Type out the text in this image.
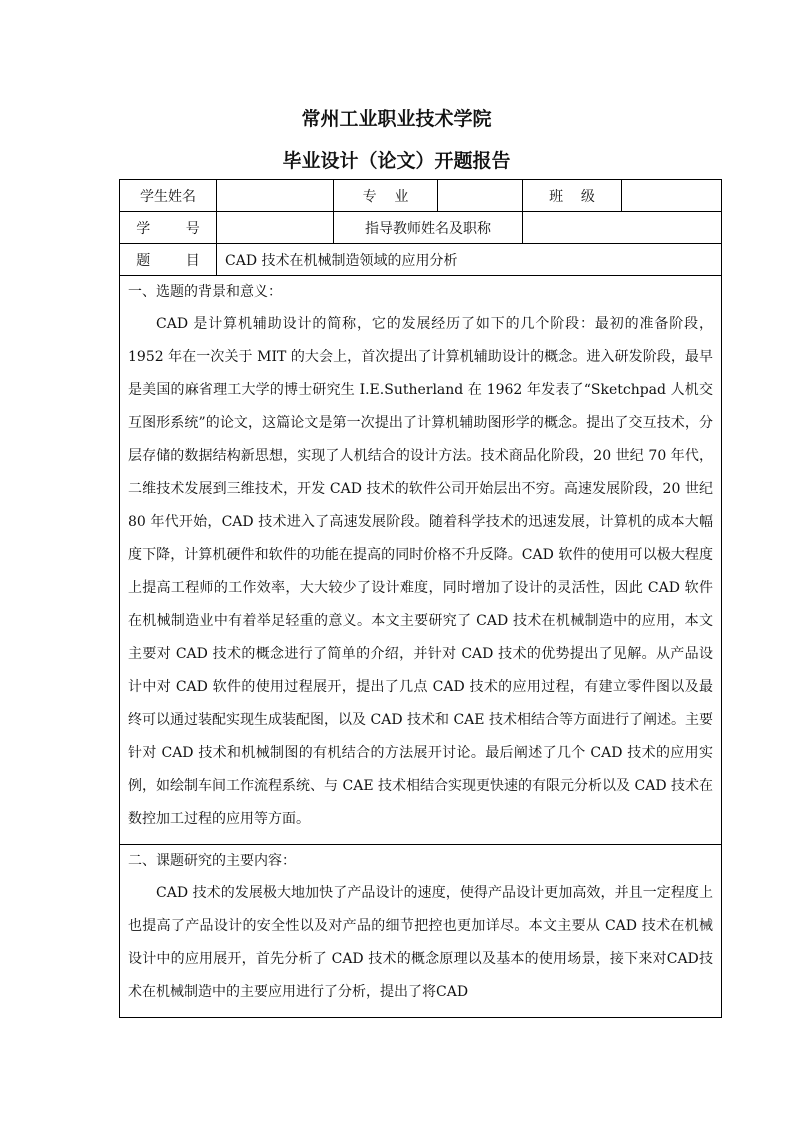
常州工业职业技术学院
毕业设计（论文）开题报告
学生姓名		专    业		班    级	
学        号		指导教师姓名及职称			
题        目	CAD 技术在机械制造领域的应用分析				

一、选题的背景和意义：

CAD 是计算机辅助设计的简称，它的发展经历了如下的几个阶段：最初的准备阶段，1952 年在一次关于 MIT 的大会上，首次提出了计算机辅助设计的概念。进入研发阶段，最早是美国的麻省理工大学的博士研究生 I.E.Sutherland 在 1962 年发表了“Sketchpad 人机交互图形系统”的论文，这篇论文是第一次提出了计算机辅助图形学的概念。提出了交互技术，分层存储的数据结构新思想，实现了人机结合的设计方法。技术商品化阶段，20 世纪 70 年代，二维技术发展到三维技术，开发 CAD 技术的软件公司开始层出不穷。高速发展阶段，20 世纪 80 年代开始，CAD 技术进入了高速发展阶段。随着科学技术的迅速发展，计算机的成本大幅度下降，计算机硬件和软件的功能在提高的同时价格不升反降。CAD 软件的使用可以极大程度上提高工程师的工作效率，大大较少了设计难度，同时增加了设计的灵活性，因此 CAD 软件在机械制造业中有着举足轻重的意义。本文主要研究了 CAD 技术在机械制造中的应用，本文主要对 CAD 技术的概念进行了简单的介绍，并针对 CAD 技术的优势提出了见解。从产品设计中对 CAD 软件的使用过程展开，提出了几点 CAD 技术的应用过程，有建立零件图以及最终可以通过装配实现生成装配图，以及 CAD 技术和 CAE 技术相结合等方面进行了阐述。主要针对 CAD 技术和机械制图的有机结合的方法展开讨论。最后阐述了几个 CAD 技术的应用实例，如绘制车间工作流程系统、与 CAE 技术相结合实现更快速的有限元分析以及 CAD 技术在数控加工过程的应用等方面。					

二、课题研究的主要内容：

CAD 技术的发展极大地加快了产品设计的速度，使得产品设计更加高效，并且一定程度上也提高了产品设计的安全性以及对产品的细节把控也更加详尽。本文主要从 CAD 技术在机械设计中的应用展开，首先分析了 CAD 技术的概念原理以及基本的使用场景，接下来对CAD技术在机械制造中的主要应用进行了分析，提出了将CAD					
